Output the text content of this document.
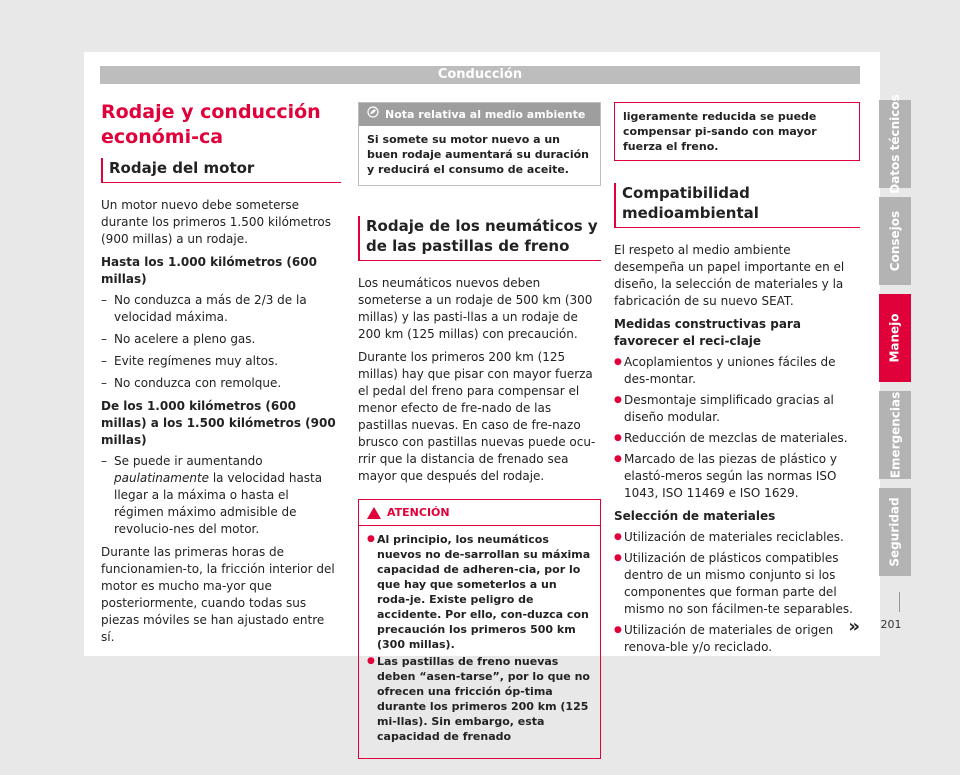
Conducción
Rodaje y conducción económi-ca
Rodaje del motor

Un motor nuevo debe someterse durante los primeros 1.500 kilómetros (900 millas) a un rodaje.

Hasta los 1.000 kilómetros (600 millas)

– No conduzca a más de 2/3 de la velocidad máxima.
– No acelere a pleno gas.
– Evite regímenes muy altos.
– No conduzca con remolque.

De los 1.000 kilómetros (600 millas) a los 1.500 kilómetros (900 millas)

– Se puede ir aumentando paulatinamente la velocidad hasta llegar a la máxima o hasta el régimen máximo admisible de revolucio-nes del motor.

Durante las primeras horas de funcionamien-to, la fricción interior del motor es mucho ma-yor que posteriormente, cuando todas sus piezas móviles se han ajustado entre sí.

Nota relativa al medio ambiente
Si somete su motor nuevo a un buen rodaje aumentará su duración y reducirá el consumo de aceite.
Rodaje de los neumáticos y de las pastillas de freno

Los neumáticos nuevos deben someterse a un rodaje de 500 km (300 millas) y las pasti-llas a un rodaje de 200 km (125 millas) con precaución.

Durante los primeros 200 km (125 millas) hay que pisar con mayor fuerza el pedal del freno para compensar el menor efecto de fre-nado de las pastillas nuevas. En caso de fre-nazo brusco con pastillas nuevas puede ocu-rrir que la distancia de frenado sea mayor que después del rodaje.

ATENCIÓN
● Al principio, los neumáticos nuevos no de-sarrollan su máxima capacidad de adheren-cia, por lo que hay que someterlos a un roda-je. Existe peligro de accidente. Por ello, con-duzca con precaución los primeros 500 km (300 millas).
● Las pastillas de freno nuevas deben “asen-tarse”, por lo que no ofrecen una fricción óp-tima durante los primeros 200 km (125 mi-llas). Sin embargo, esta capacidad de frenado
ligeramente reducida se puede compensar pi-sando con mayor fuerza el freno.
Compatibilidad medioambiental

El respeto al medio ambiente desempeña un papel importante en el diseño, la selección de materiales y la fabricación de su nuevo SEAT.

Medidas constructivas para favorecer el reci-claje

● Acoplamientos y uniones fáciles de des-montar.
● Desmontaje simplificado gracias al diseño modular.
● Reducción de mezclas de materiales.
● Marcado de las piezas de plástico y elastó-meros según las normas ISO 1043, ISO 11469 e ISO 1629.

Selección de materiales

● Utilización de materiales reciclables.
● Utilización de plásticos compatibles dentro de un mismo conjunto si los componentes que forman parte del mismo no son fácilmen-te separables.
● »
Utilización de materiales de origen renova-ble y/o reciclado.
Datos técnicos
Consejos
Manejo
Emergencias
Seguridad
201
